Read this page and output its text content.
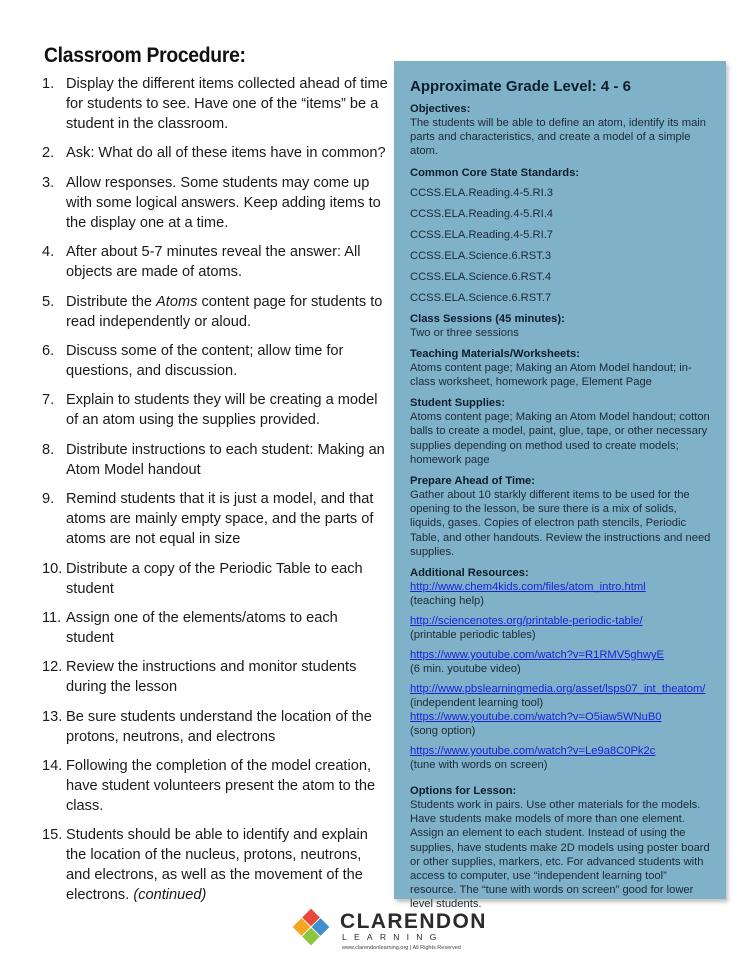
Classroom Procedure:
1. Display the different items collected ahead of time for students to see. Have one of the “items” be a student in the classroom.
2. Ask: What do all of these items have in common?
3. Allow responses. Some students may come up with some logical answers. Keep adding items to the display one at a time.
4. After about 5-7 minutes reveal the answer: All objects are made of atoms.
5. Distribute the Atoms content page for students to read independently or aloud.
6. Discuss some of the content; allow time for questions, and discussion.
7. Explain to students they will be creating a model of an atom using the supplies provided.
8. Distribute instructions to each student: Making an Atom Model handout
9. Remind students that it is just a model, and that atoms are mainly empty space, and the parts of atoms are not equal in size
10. Distribute a copy of the Periodic Table to each student
11. Assign one of the elements/atoms to each student
12. Review the instructions and monitor students during the lesson
13. Be sure students understand the location of the protons, neutrons, and electrons
14. Following the completion of the model creation, have student volunteers present the atom to the class.
15. Students should be able to identify and explain the location of the nucleus, protons, neutrons, and electrons, as well as the movement of the electrons. (continued)
Approximate Grade Level: 4 - 6
Objectives:
The students will be able to define an atom, identify its main parts and characteristics, and create a model of a simple atom.
Common Core State Standards:
CCSS.ELA.Reading.4-5.RI.3
CCSS.ELA.Reading.4-5.RI.4
CCSS.ELA.Reading.4-5.RI.7
CCSS.ELA.Science.6.RST.3
CCSS.ELA.Science.6.RST.4
CCSS.ELA.Science.6.RST.7
Class Sessions (45 minutes):
Two or three sessions
Teaching Materials/Worksheets:
Atoms content page; Making an Atom Model handout; in-class worksheet, homework page, Element Page
Student Supplies:
Atoms content page; Making an Atom Model handout; cotton balls to create a model, paint, glue, tape, or other necessary supplies depending on method used to create models; homework page
Prepare Ahead of Time:
Gather about 10 starkly different items to be used for the opening to the lesson, be sure there is a mix of solids, liquids, gases. Copies of electron path stencils, Periodic Table, and other handouts. Review the instructions and need supplies.
Additional Resources:
http://www.chem4kids.com/files/atom_intro.html
(teaching help)
http://sciencenotes.org/printable-periodic-table/
(printable periodic tables)
https://www.youtube.com/watch?v=R1RMV5ghwyE
(6 min. youtube video)
http://www.pbslearningmedia.org/asset/lsps07_int_theatom/
(independent learning tool)
https://www.youtube.com/watch?v=O5iaw5WNuB0
(song option)
https://www.youtube.com/watch?v=Le9a8C0Pk2c
(tune with words on screen)
Options for Lesson:
Students work in pairs. Use other materials for the models. Have students make models of more than one element. Assign an element to each student. Instead of using the supplies, have students make 2D models using poster board or other supplies, markers, etc. For advanced students with access to computer, use “independent learning tool” resource. The “tune with words on screen” good for lower level students.
CLARENDON
LEARNING
www.clarendonlearning.org | All Rights Reserved
